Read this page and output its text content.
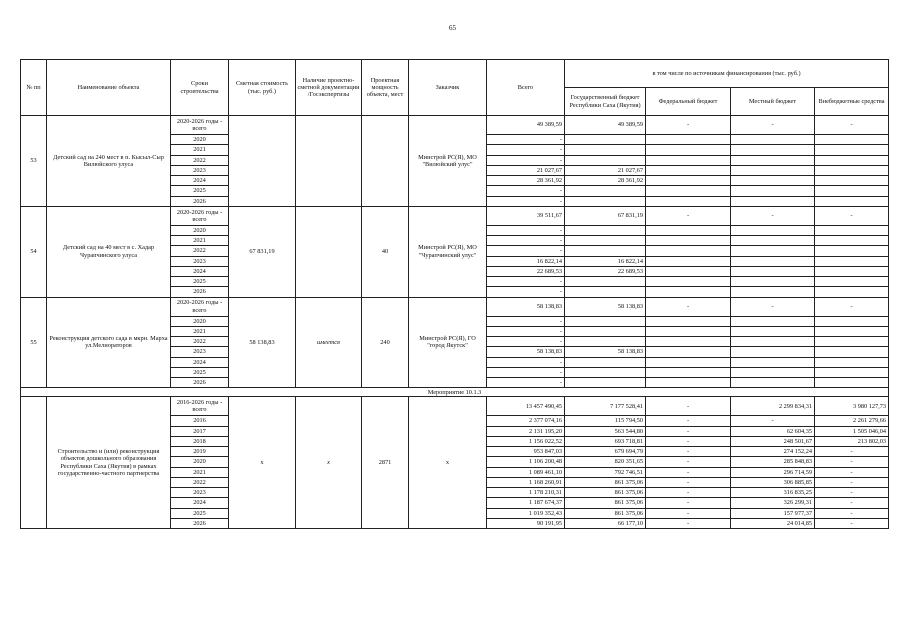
65
№ пп	Наименование объекта	Сроки строительства	Сметная стоимость (тыс. руб.)	Наличие проектно-сметной документации /Госэкспертизы	Проектная мощность объекта, мест	Заказчик	Всего	в том числе по источникам финансирования (тыс. руб.)			
								Государственный бюджет Республики Саха (Якутия)	Федеральный бюджет	Местный бюджет	Внебюджетные средства
53	Детский сад на 240 мест в п. Кысыл-Сыр Вилюйского улуса	2020-2026 годы - всего				Минстрой РС(Я), МО "Вилюйский улус"	49 389,59	49 389,59	-	-	-
		2020					-				
		2021					-				
		2022					-				
		2023					21 027,67	21 027,67			
		2024					28 361,92	28 361,92			
		2025					-				
		2026					-				
54	Детский сад на 40 мест в с. Хадар Чурапчинского улуса	2020-2026 годы - всего	67 831,19		40	Минстрой РС(Я), МО "Чурапчинский улус"	39 511,67	67 831,19	-	-	-
		2020					-				
		2021					-				
		2022					-				
		2023					16 822,14	16 822,14			
		2024					22 689,53	22 689,53			
		2025					-				
		2026					-				
55	Реконструкция детского сада в мкрн. Марха ул.Мелиораторов	2020-2026 годы - всего	58 138,83	имеется	240	Минстрой РС(Я), ГО "город Якутск"	58 138,83	58 138,83	-	-	-
		2020					-				
		2021					-				
		2022					-				
		2023					58 138,83	58 138,83			
		2024					-				
		2025					-				
		2026					-				
Мероприятие 10.1.3											
	Строительство и (или) реконструкция объектов дошкольного образования Республики Саха (Якутия) в рамках государственно-частного партнерства	2016-2026 годы - всего	х	х	2871	х	13 457 490,45	7 177 528,41	-	2 299 834,31	3 980 127,73
		2016					2 377 074,16	115 794,50	-	-	2 261 279,66
		2017					2 131 195,20	563 544,80	-	62 604,35	1 505 046,04
		2018					1 156 022,52	693 718,81	-	248 501,67	213 802,03
		2019					953 847,03	679 694,79	-	274 152,24	-
		2020					1 106 200,48	820 351,65	-	285 848,83	-
		2021					1 089 461,10	792 746,51	-	296 714,59	-
		2022					1 168 260,91	861 375,06	-	306 885,85	-
		2023					1 178 210,31	861 375,06	-	316 835,25	-
		2024					1 187 674,37	861 375,06	-	326 299,31	-
		2025					1 019 352,43	861 375,06	-	157 977,37	-
		2026					90 191,95	66 177,10	-	24 014,85	-
